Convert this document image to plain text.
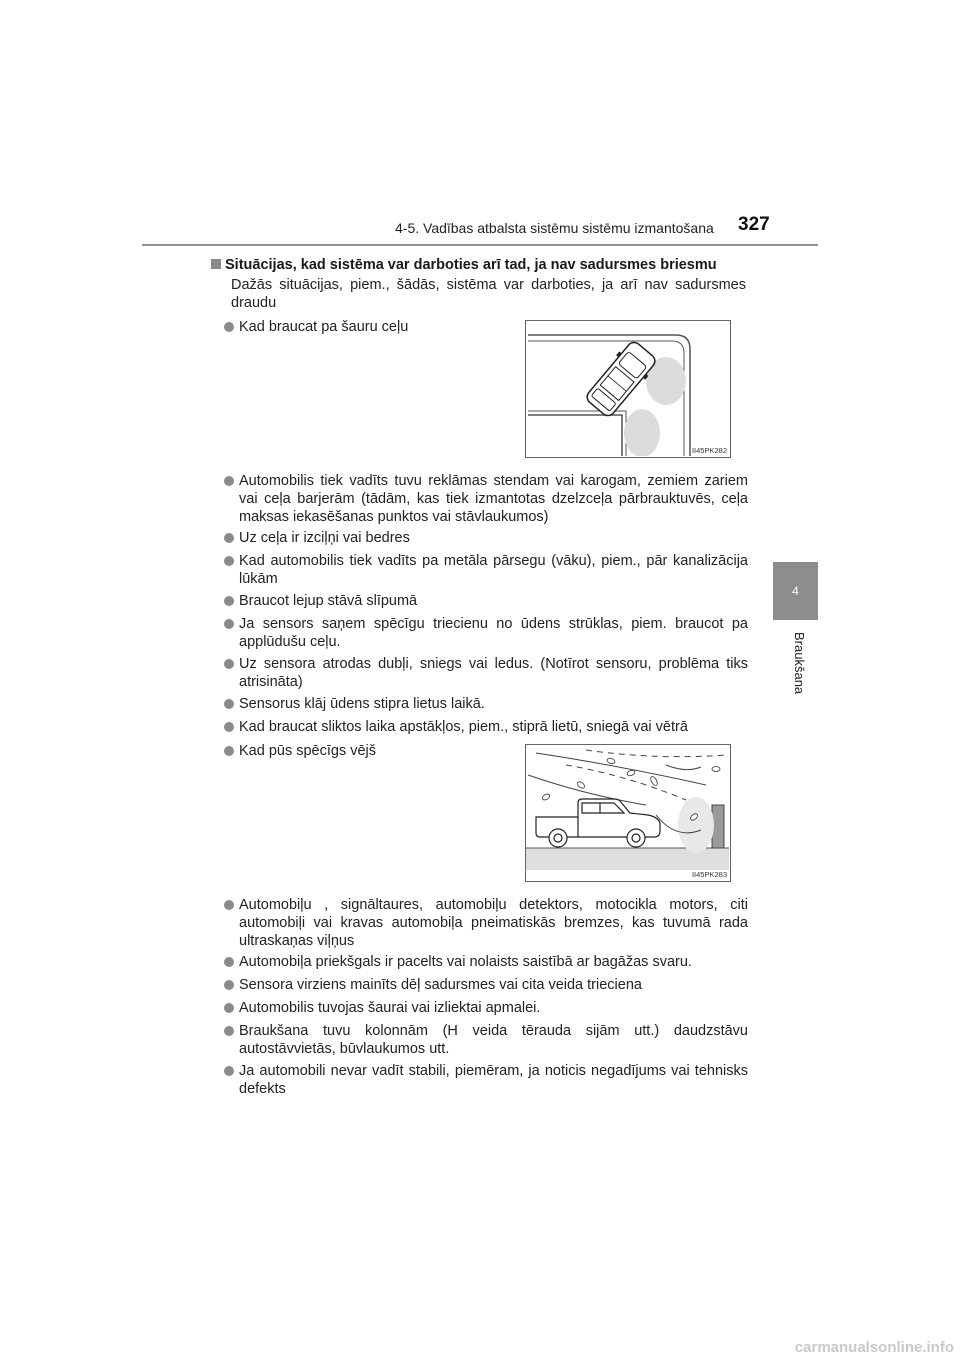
4-5. Vadības atbalsta sistēmu sistēmu izmantošana 327
4
Braukšana
Situācijas, kad sistēma var darboties arī tad, ja nav sadursmes briesmu
Dažās situācijas, piem., šādās, sistēma var darboties, ja arī nav sadursmes draudu
Kad braucat pa šauru ceļu
II45PK282
Automobilis tiek vadīts tuvu reklāmas stendam vai karogam, zemiem zariem vai ceļa barjerām (tādām, kas tiek izmantotas dzelzceļa pārbrauktuvēs, ceļa maksas iekasēšanas punktos vai stāvlaukumos)
Uz ceļa ir izciļņi vai bedres
Kad automobilis tiek vadīts pa metāla pārsegu (vāku), piem., pār kanalizācija lūkām
Braucot lejup stāvā slīpumā
Ja sensors saņem spēcīgu triecienu no ūdens strūklas, piem. braucot pa applūdušu ceļu.
Uz sensora atrodas dubļi, sniegs vai ledus. (Notīrot sensoru, problēma tiks atrisināta)
Sensorus klāj ūdens stipra lietus laikā.
Kad braucat sliktos laika apstākļos, piem., stiprā lietū, sniegā vai vētrā
Kad pūs spēcīgs vējš
II45PK283
Automobiļu , signāltaures, automobiļu detektors, motocikla motors, citi automobiļi vai kravas automobiļa pneimatiskās bremzes, kas tuvumā rada ultraskaņas viļņus
Automobiļa priekšgals ir pacelts vai nolaists saistībā ar bagāžas svaru.
Sensora virziens mainīts dēļ sadursmes vai cita veida trieciena
Automobilis tuvojas šaurai vai izliektai apmalei.
Braukšana tuvu kolonnām (H veida tērauda sijām utt.) daudzstāvu autostāvvietās, būvlaukumos utt.
Ja automobili nevar vadīt stabili, piemēram, ja noticis negadījums vai tehnisks defekts
carmanualsonline.info
